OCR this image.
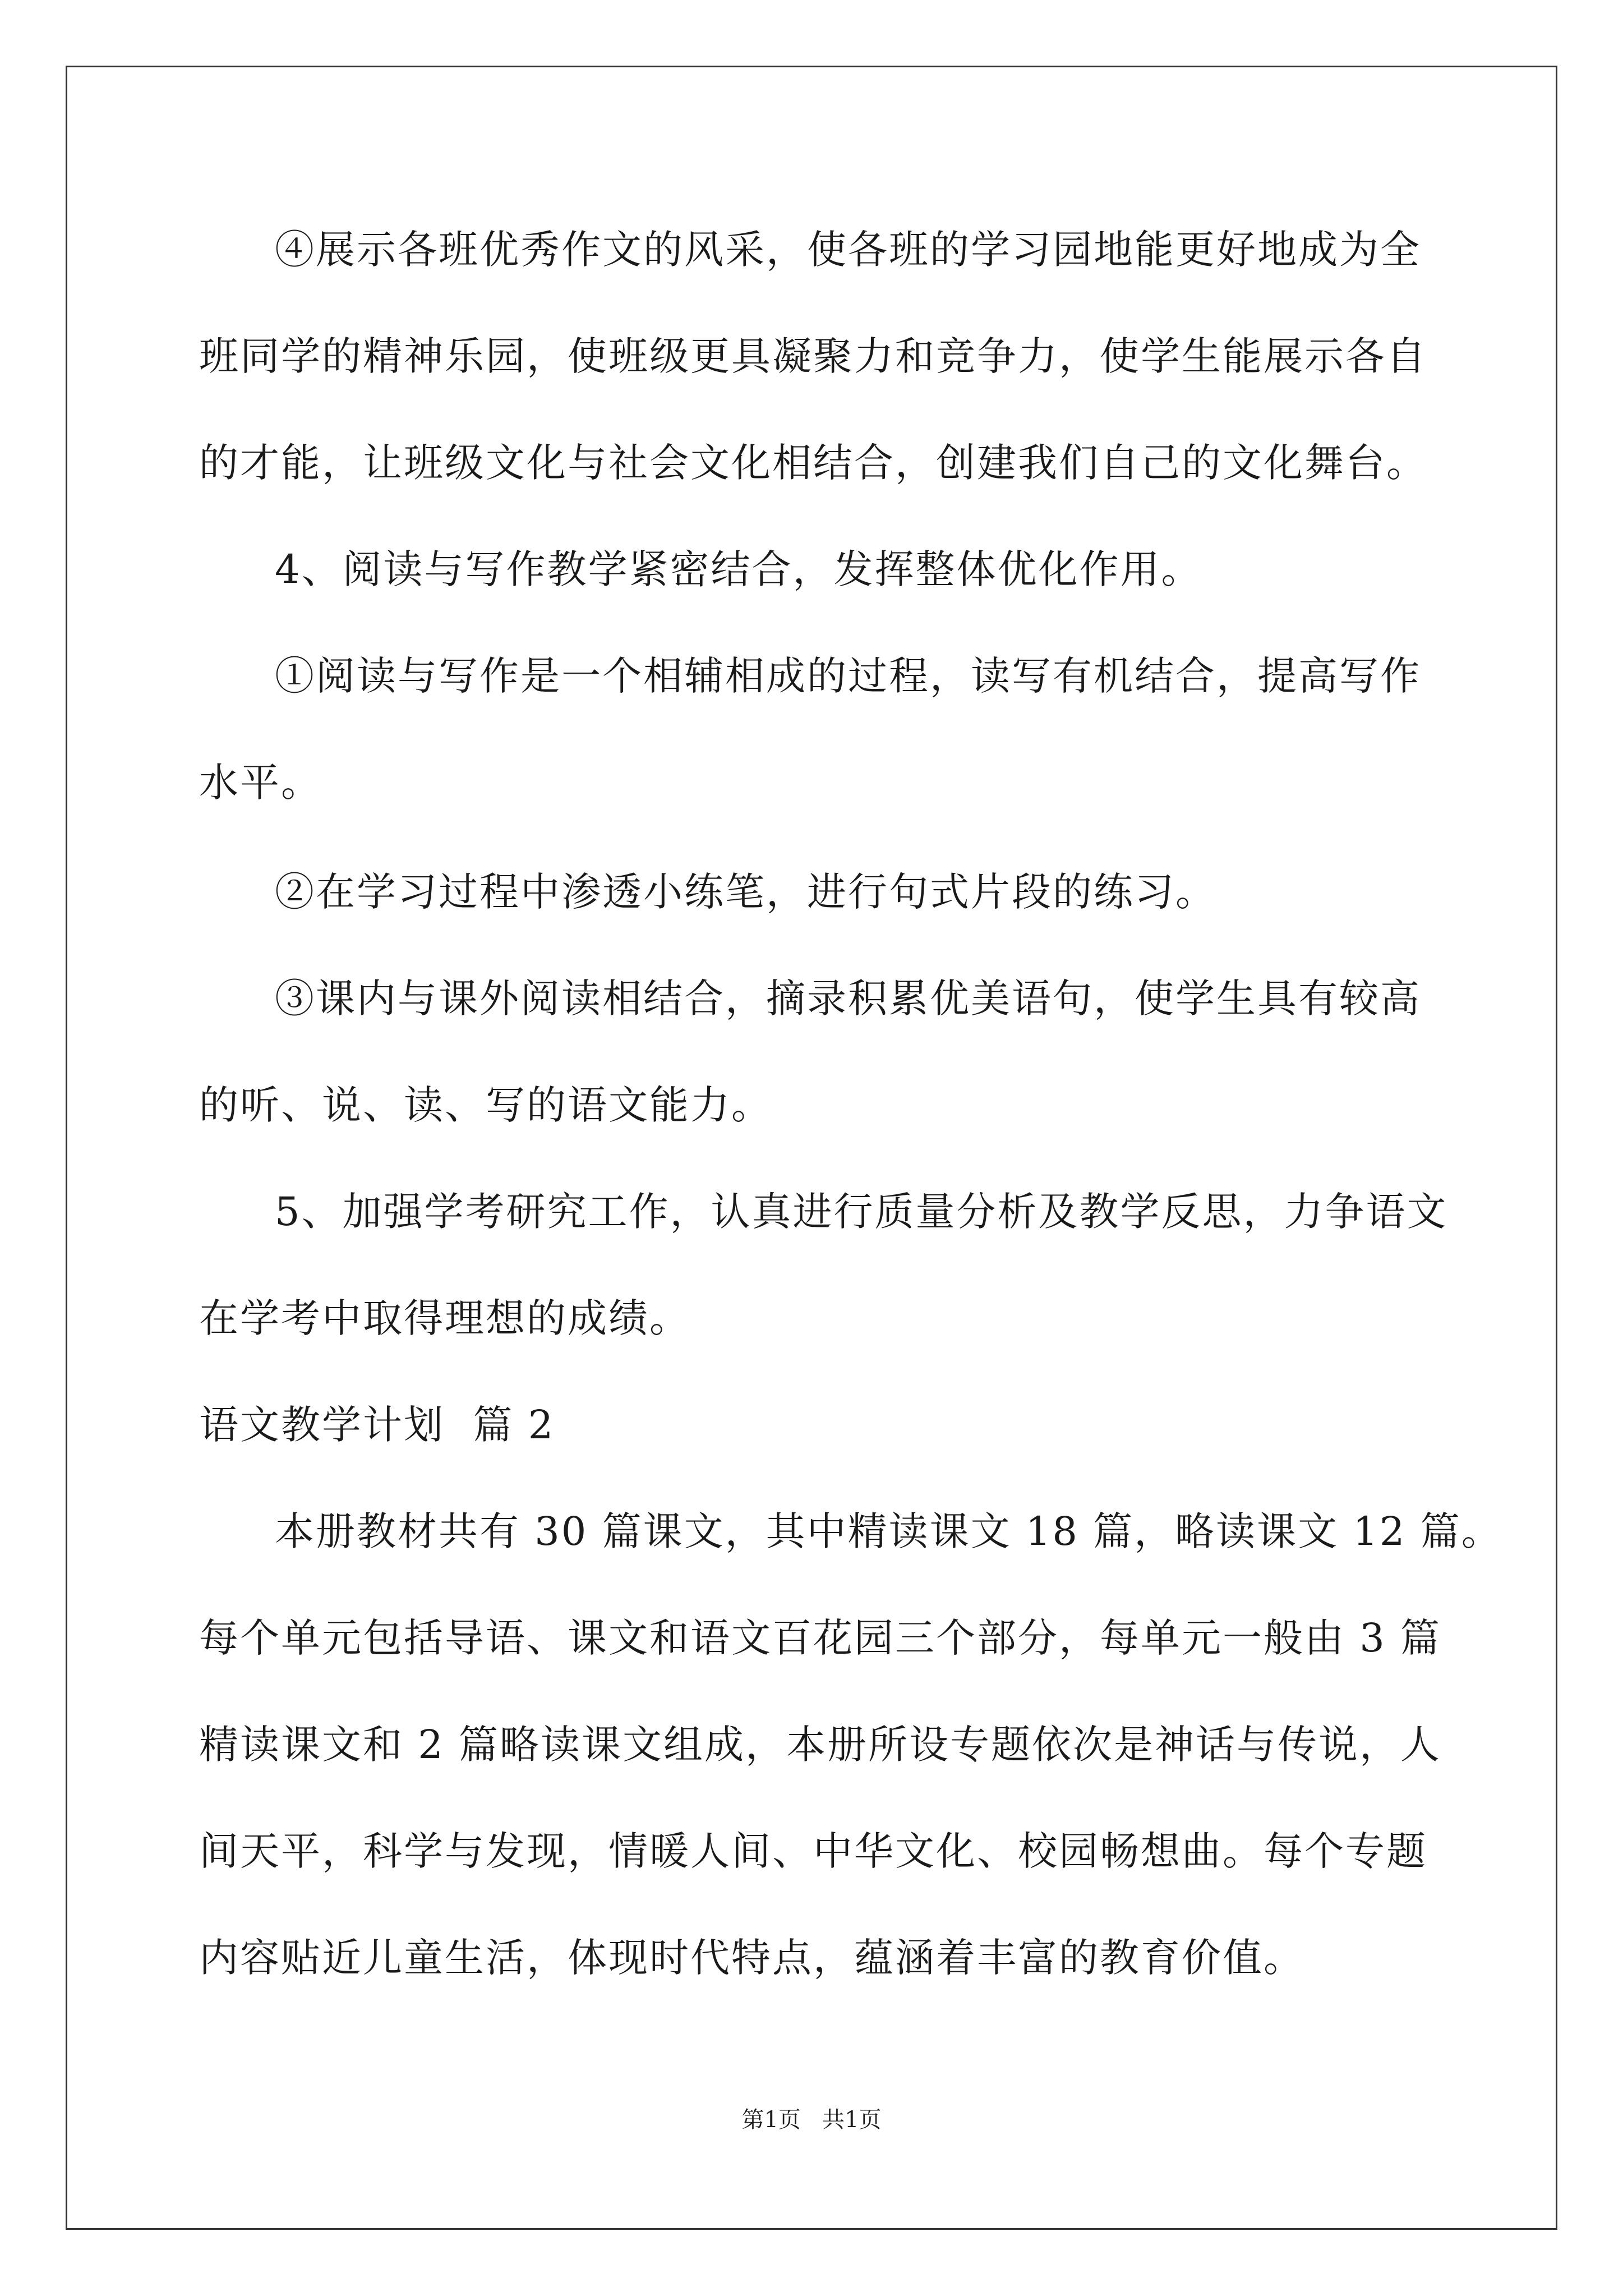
④展示各班优秀作文的风采，使各班的学习园地能更好地成为全
班同学的精神乐园，使班级更具凝聚力和竞争力，使学生能展示各自
的才能，让班级文化与社会文化相结合，创建我们自己的文化舞台。
4、阅读与写作教学紧密结合，发挥整体优化作用。
①阅读与写作是一个相辅相成的过程，读写有机结合，提高写作
水平。
②在学习过程中渗透小练笔，进行句式片段的练习。
③课内与课外阅读相结合，摘录积累优美语句，使学生具有较高
的听、说、读、写的语文能力。
5、加强学考研究工作，认真进行质量分析及教学反思，力争语文
在学考中取得理想的成绩。
语文教学计划  篇 2
本册教材共有 30 篇课文，其中精读课文 18 篇，略读课文 12 篇。
每个单元包括导语、课文和语文百花园三个部分，每单元一般由 3 篇
精读课文和 2 篇略读课文组成，本册所设专题依次是神话与传说，人
间天平，科学与发现，情暖人间、中华文化、校园畅想曲。每个专题
内容贴近儿童生活，体现时代特点，蕴涵着丰富的教育价值。
第1页   共1页
